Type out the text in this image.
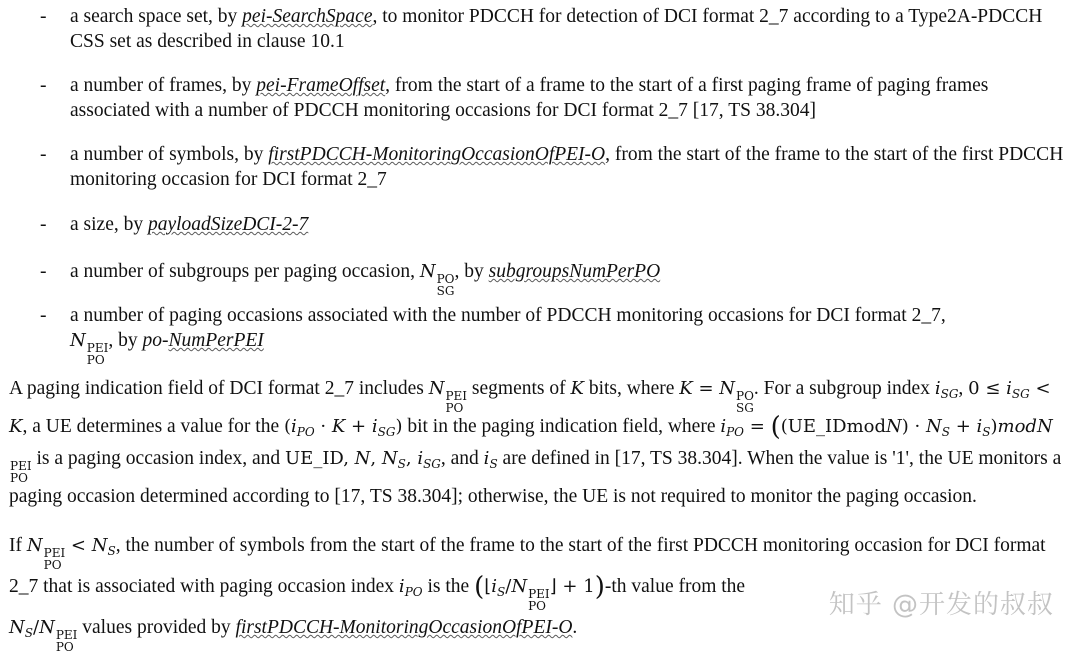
- a search space set, by pei-SearchSpace, to monitor PDCCH for detection of DCI format 2_7 according to a Type2A-PDCCH CSS set as described in clause 10.1
- a number of frames, by pei-FrameOffset, from the start of a frame to the start of a first paging frame of paging frames associated with a number of PDCCH monitoring occasions for DCI format 2_7 [17, TS 38.304]
- a number of symbols, by firstPDCCH-MonitoringOccasionOfPEI-O, from the start of the frame to the start of the first PDCCH monitoring occasion for DCI format 2_7
- a size, by payloadSizeDCI-2-7
- a number of subgroups per paging occasion, N PO
SG
, by subgroupsNumPerPO
- a number of paging occasions associated with the number of PDCCH monitoring occasions for DCI format 2_7,
N PEI
PO
, by po-NumPerPEI
A paging indication field of DCI format 2_7 includes N PEI
PO
segments of K bits, where K = N PO
SG
. For a subgroup index $i_{SG}$, $0 \le i_{SG} < K$, a UE determines a value for the $(i_{PO} \cdot K + i_{SG})$ bit in the paging indication field, where $i_{PO}$ = ((UE_IDmodN) · $N_S$ + $i_S)modN$
PEI
PO
is a paging occasion index, and UE_ID, N, $N_S$, $i_{SG}$, and $i_S$ are defined in [17, TS 38.304]. When the value is '1', the UE monitors a paging occasion determined according to [17, TS 38.304]; otherwise, the UE is not required to monitor the paging occasion.
If N PEI
PO
< $N_S$, the number of symbols from the start of the frame to the start of the first PDCCH monitoring occasion for DCI format 2_7 that is associated with paging occasion index $i_{PO}$ is the ($⌊i_S/N$ PEI
PO
⌋ + 1)-th value from the
$N_S/N$ PEI
PO
values provided by firstPDCCH-MonitoringOccasionOfPEI-O.
知乎 @开发的叔叔
